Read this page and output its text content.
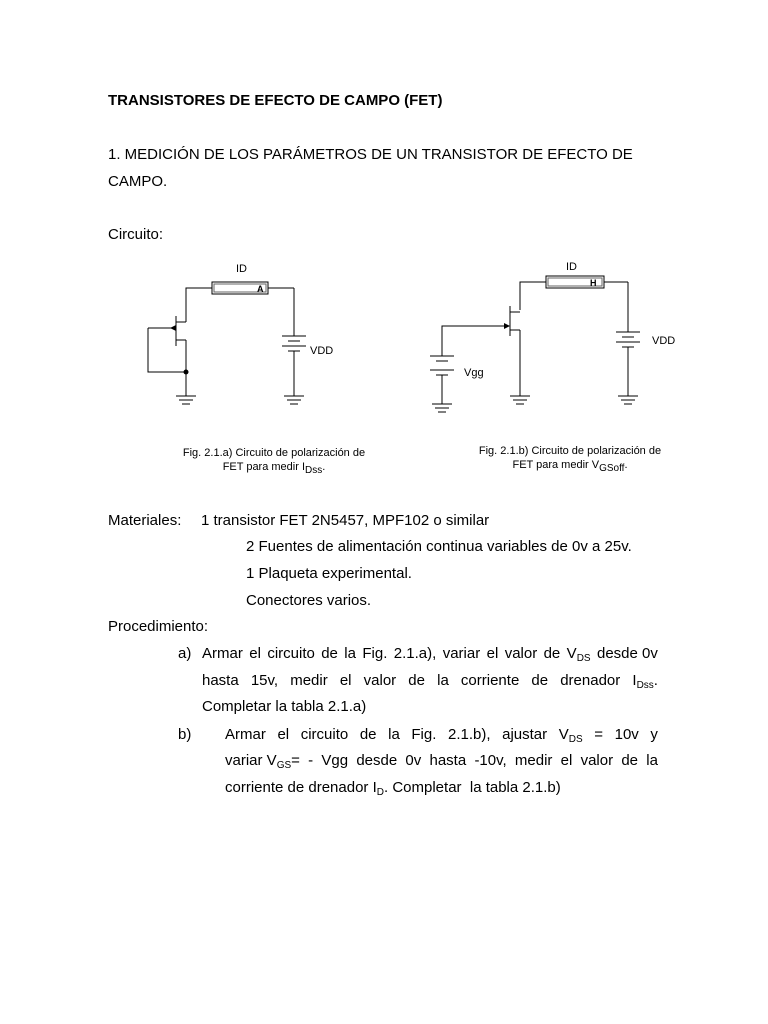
TRANSISTORES DE EFECTO DE CAMPO (FET)
1. MEDICIÓN DE LOS PARÁMETROS DE UN TRANSISTOR DE EFECTO DE
CAMPO.
Circuito:
ID
A
VDD
ID
H
VDD
Vgg
Fig. 2.1.a) Circuito de polarización de
FET para medir $I_{Dss}$.
Fig. 2.1.b) Circuito de polarización de
FET para medir $V_{GSoff}$.
Materiales: 1 transistor FET 2N5457, MPF102 o similar
2 Fuentes de alimentación continua variables de 0v a 25v.
1 Plaqueta experimental.
Conectores varios.
Procedimiento:
a) Armar el circuito de la Fig. 2.1.a), variar el valor de $V_{DS}$ desde 0v
hasta 15v, medir el valor de la corriente de drenador $I_{Dss}$.
Completar la tabla 2.1.a)
b) Armar el circuito de la Fig. 2.1.b), ajustar $V_{DS} = 10v$ y
variar $V_{GS}=$ - Vgg desde 0v hasta -10v, medir el valor de la
corriente de drenador $I_D$. Completar  la tabla 2.1.b)
